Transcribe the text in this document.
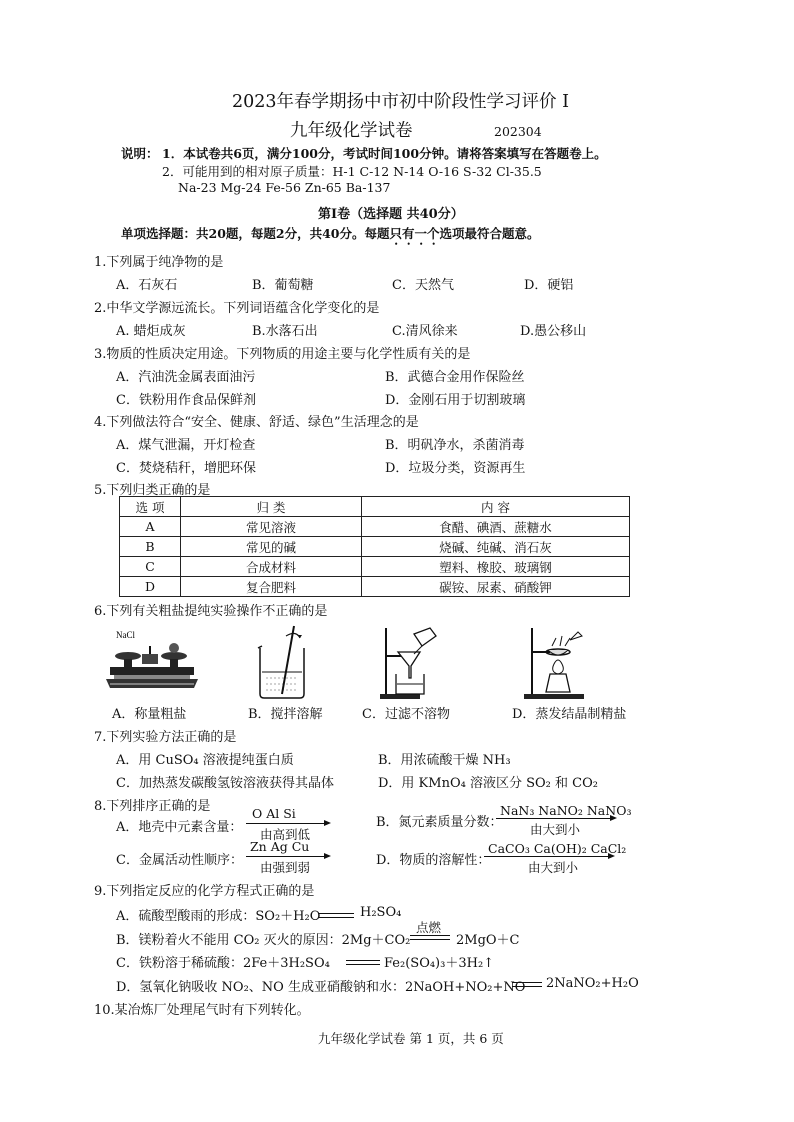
2023年春学期扬中市初中阶段性学习评价 I
九年级化学试卷	202304
说明： 1．本试卷共6页，满分100分，考试时间100分钟。请将答案填写在答题卷上。
2．可能用到的相对原子质量：H-1 C-12 N-14 O-16 S-32 Cl-35.5
Na-23 Mg-24 Fe-56 Zn-65 Ba-137
第Ⅰ卷（选择题 共40分）
单项选择题：共20题，每题2分，共40分。每题只有一个选项最符合题意。
1.下列属于纯净物的是
A．石灰石	B．葡萄糖	C．天然气	D．硬铝
2.中华文学源远流长。下列词语蕴含化学变化的是
A. 蜡炬成灰	B.水落石出	C.清风徐来	D.愚公移山
3.物质的性质决定用途。下列物质的用途主要与化学性质有关的是
A．汽油洗金属表面油污	B．武德合金用作保险丝
C．铁粉用作食品保鲜剂	D．金刚石用于切割玻璃
4.下列做法符合“安全、健康、舒适、绿色”生活理念的是
A．煤气泄漏，开灯检查	B．明矾净水，杀菌消毒
C．焚烧秸秆，增肥环保	D．垃圾分类，资源再生
5.下列归类正确的是
选 项	归 类	内 容
A	常见溶液	食醋、碘酒、蔗糖水
B	常见的碱	烧碱、纯碱、消石灰
C	合成材料	塑料、橡胶、玻璃钢
D	复合肥料	碳铵、尿素、硝酸钾
6.下列有关粗盐提纯实验操作不正确的是
NaCl
A．称量粗盐	B．搅拌溶解	C．过滤不溶物	D．蒸发结晶制精盐
7.下列实验方法正确的是
A．用 CuSO₄ 溶液提纯蛋白质	B．用浓硫酸干燥 NH₃
C．加热蒸发碳酸氢铵溶液获得其晶体	D．用 KMnO₄ 溶液区分 SO₂ 和 CO₂
8.下列排序正确的是
A．地壳中元素含量：
O Al Si
由高到低
B．氮元素质量分数：
NaN₃ NaNO₂ NaNO₃
由大到小
C．金属活动性顺序：
Zn Ag Cu
由强到弱	D．物质的溶解性：
CaCO₃ Ca(OH)₂ CaCl₂
由大到小
9.下列指定反应的化学方程式正确的是
A．硫酸型酸雨的形成：SO₂＋H₂O	H₂SO₄
B．镁粉着火不能用 CO₂ 灭火的原因：2Mg＋CO₂
点燃
2MgO＋C
C．铁粉溶于稀硫酸：2Fe＋3H₂SO₄	Fe₂(SO₄)₃＋3H₂↑
D．氢氧化钠吸收 NO₂、NO 生成亚硝酸钠和水：2NaOH+NO₂+NO 2NaNO₂+H₂O
10.某冶炼厂处理尾气时有下列转化。
九年级化学试卷 第 1 页，共 6 页
